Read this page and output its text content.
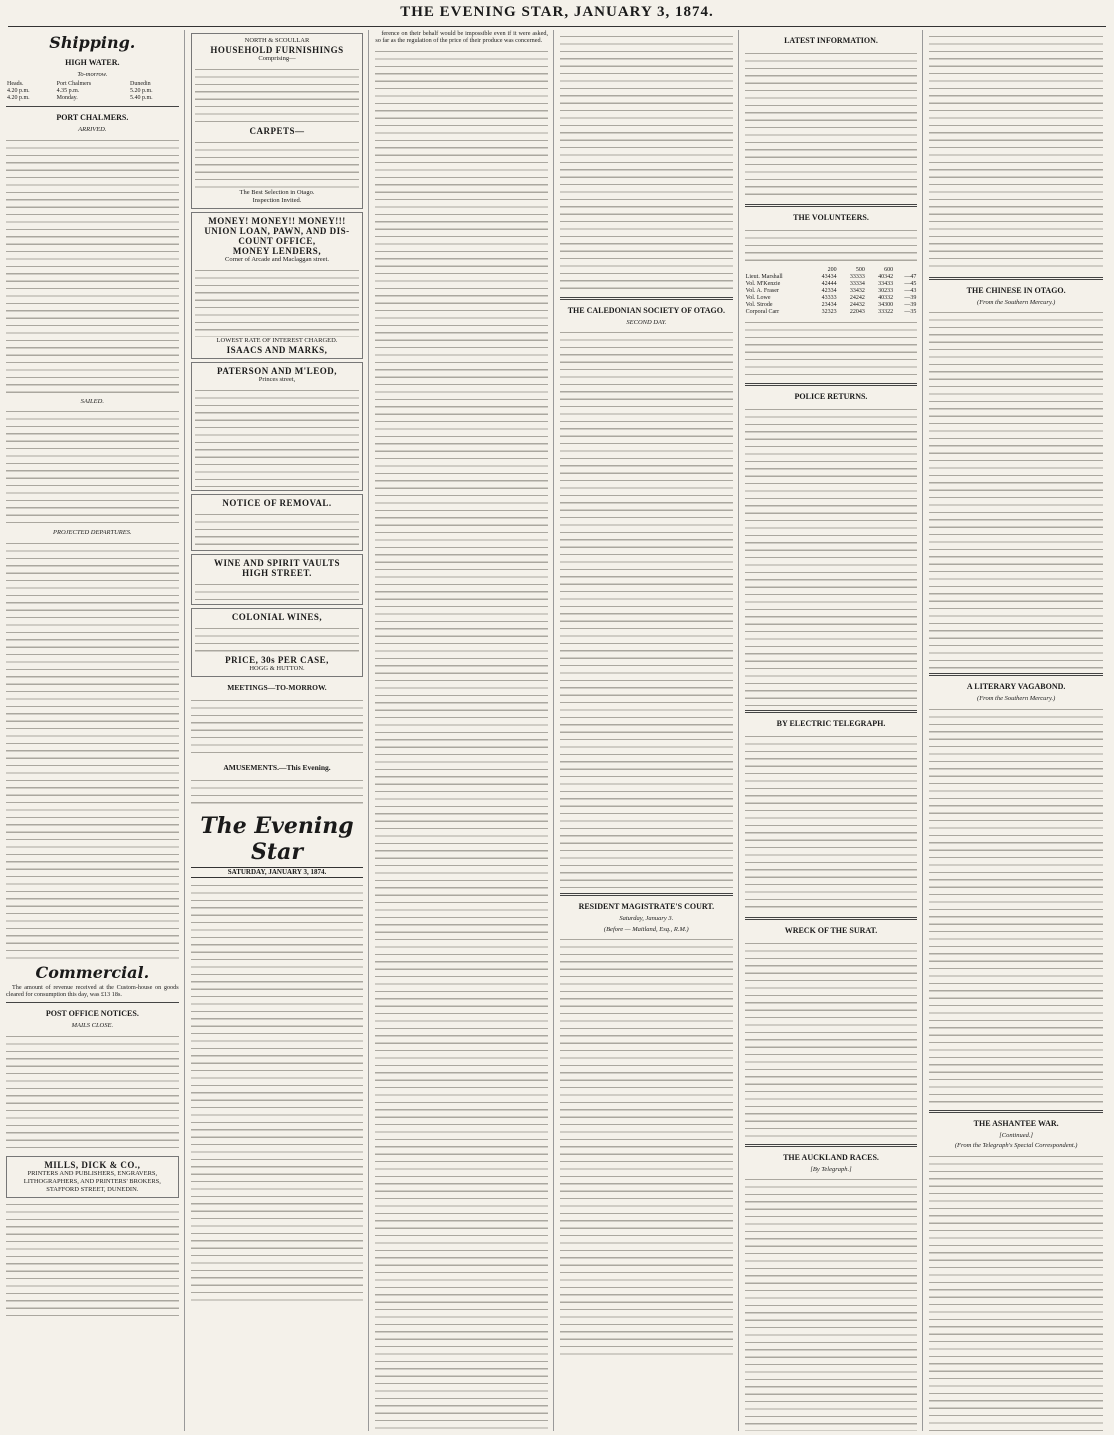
THE EVENING STAR, JANUARY 3, 1874.
Shipping.
HIGH WATER.
To-morrow.
Heads.	Port Chalmers	Dunedin
4.20 p.m.	4.35 p.m.	5.20 p.m.
4.20 p.m.	Monday.	5.40 p.m.
PORT CHALMERS.
ARRIVED.
SAILED.
PROJECTED DEPARTURES.
Commercial.

The amount of revenue received at the Custom-house on goods cleared for consumption this day, was £13 18s.

POST OFFICE NOTICES.
MAILS CLOSE.
MILLS, DICK & CO.,
PRINTERS AND PUBLISHERS, ENGRAVERS, LITHOGRAPHERS, AND PRINTERS' BROKERS, STAFFORD STREET, DUNEDIN.
NORTH & SCOULLAR
HOUSEHOLD FURNISHINGS
Comprising—
CARPETS—
The Best Selection in Otago.
Inspection Invited.
MONEY! MONEY!! MONEY!!!
UNION LOAN, PAWN, AND DIS-COUNT OFFICE,
MONEY LENDERS,
Corner of Arcade and Maclaggan street.
LOWEST RATE OF INTEREST CHARGED.
ISAACS AND MARKS,
PATERSON AND M'LEOD,
Princes street,
NOTICE OF REMOVAL.
WINE AND SPIRIT VAULTS
HIGH STREET.
COLONIAL WINES,
PRICE, 30s PER CASE,
HOGG & HUTTON.
MEETINGS—TO-MORROW.
AMUSEMENTS.—This Evening.
The Evening Star
SATURDAY, JANUARY 3, 1874.

ference on their behalf would be impossible even if it were asked, so far as the regulation of the price of their produce was concerned.

THE CALEDONIAN SOCIETY OF OTAGO.
SECOND DAY.
RESIDENT MAGISTRATE'S COURT.
Saturday, January 3.
(Before — Maitland, Esq., R.M.)
LATEST INFORMATION.
THE VOLUNTEERS.
	200	500	600	
Lieut. Marshall	43434	33333	40342	—47
Vol. M'Kenzie	42444	33334	33433	—45
Vol. A. Fraser	42334	33432	30233	—43
Vol. Lowe	43333	24242	40332	—39
Vol. Strode	23434	24432	34300	—39
Corporal Carr	32323	22043	33322	—35
POLICE RETURNS.
BY ELECTRIC TELEGRAPH.
WRECK OF THE SURAT.
THE AUCKLAND RACES.
[By Telegraph.]
THE CHINESE IN OTAGO.
(From the Southern Mercury.)
A LITERARY VAGABOND.
(From the Southern Mercury.)
THE ASHANTEE WAR.
[Continued.]
(From the Telegraph's Special Correspondent.)
